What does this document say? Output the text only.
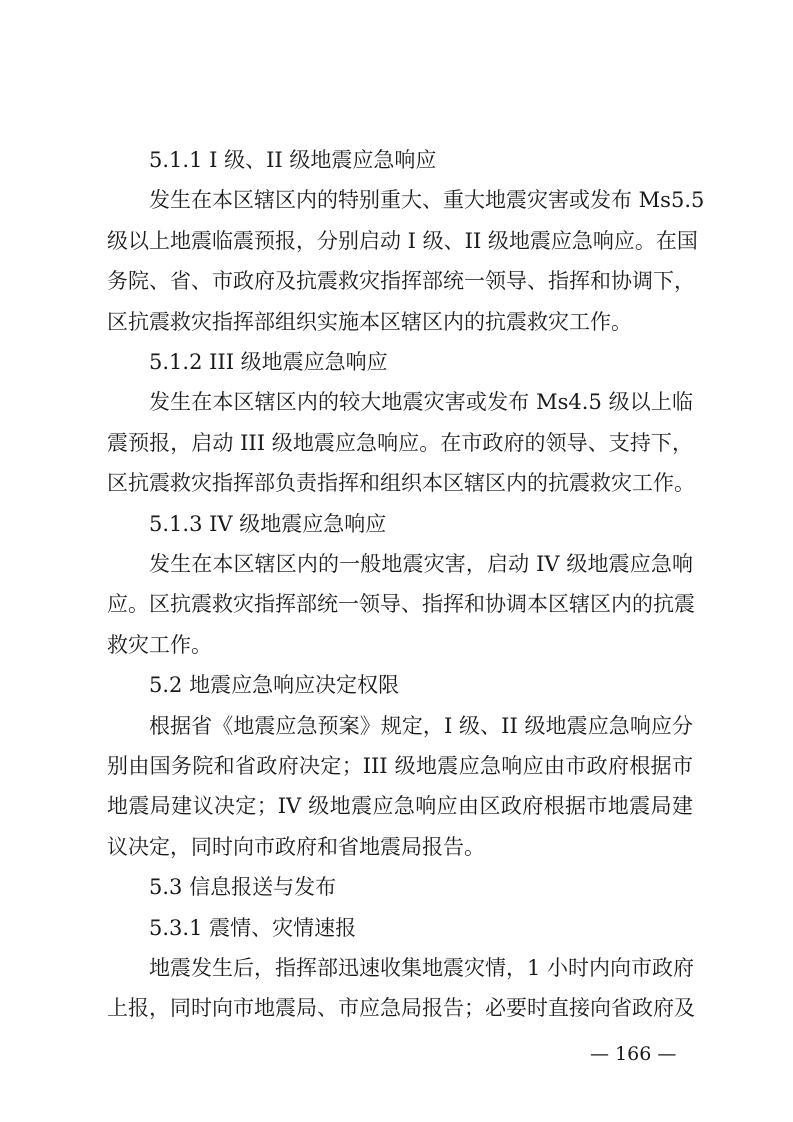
5.1.1 I 级、II 级地震应急响应
发生在本区辖区内的特别重大、重大地震灾害或发布 Ms5.5
级以上地震临震预报，分别启动 I 级、II 级地震应急响应。在国
务院、省、市政府及抗震救灾指挥部统一领导、指挥和协调下，
区抗震救灾指挥部组织实施本区辖区内的抗震救灾工作。
5.1.2 III 级地震应急响应
发生在本区辖区内的较大地震灾害或发布 Ms4.5 级以上临
震预报，启动 III 级地震应急响应。在市政府的领导、支持下，
区抗震救灾指挥部负责指挥和组织本区辖区内的抗震救灾工作。
5.1.3 IV 级地震应急响应
发生在本区辖区内的一般地震灾害，启动 IV 级地震应急响
应。区抗震救灾指挥部统一领导、指挥和协调本区辖区内的抗震
救灾工作。
5.2 地震应急响应决定权限
根据省《地震应急预案》规定，I 级、II 级地震应急响应分
别由国务院和省政府决定；III 级地震应急响应由市政府根据市
地震局建议决定；IV 级地震应急响应由区政府根据市地震局建
议决定，同时向市政府和省地震局报告。
5.3 信息报送与发布
5.3.1 震情、灾情速报
地震发生后，指挥部迅速收集地震灾情，1 小时内向市政府
上报，同时向市地震局、市应急局报告；必要时直接向省政府及
— 166 —
